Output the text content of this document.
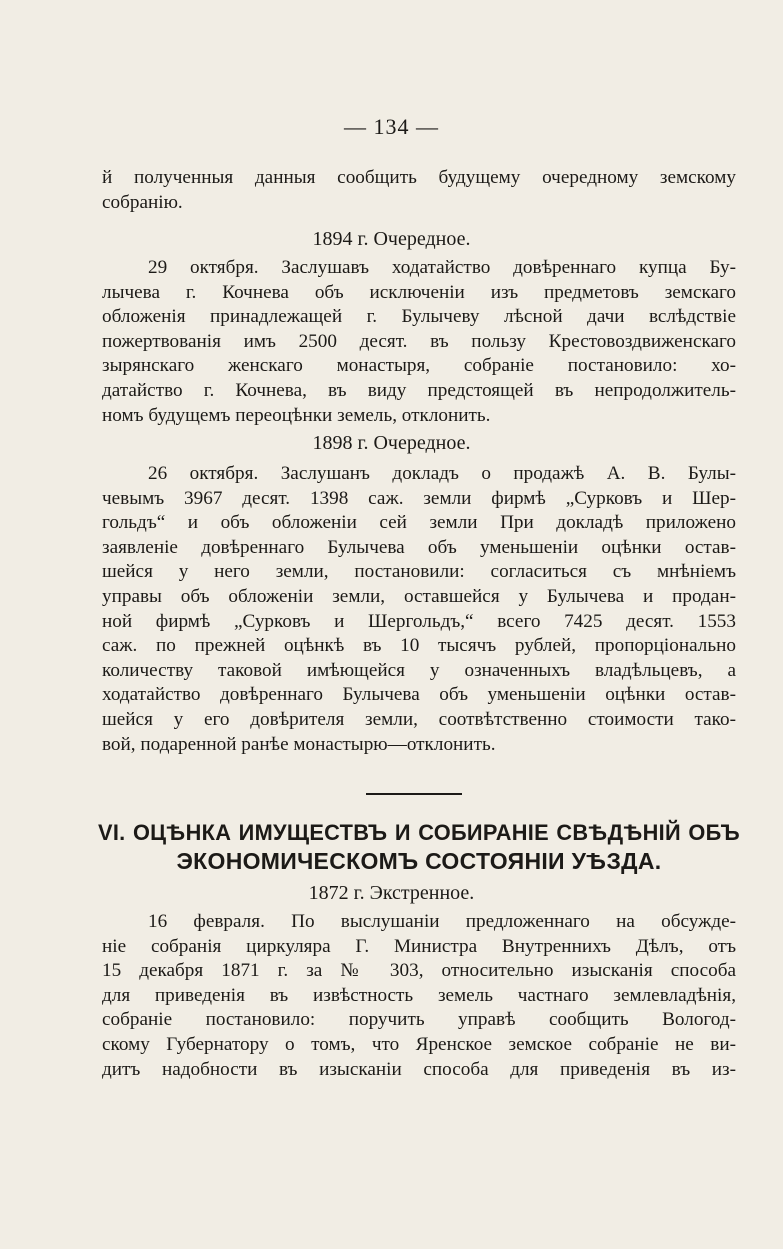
— 134 —
й полученныя данныя сообщить будущему очередному земскому
собранію.
1894 г. Очередное.
29 октября. Заслушавъ ходатайство довѣреннаго купца Бу-
лычева г. Кочнева объ исключеніи изъ предметовъ земскаго
обложенія принадлежащей г. Булычеву лѣсной дачи вслѣдствіе
пожертвованія имъ 2500 десят. въ пользу Крестовоздвиженскаго
зырянскаго женскаго монастыря, собраніе постановило: хо-
датайство г. Кочнева, въ виду предстоящей въ непродолжитель-
номъ будущемъ переоцѣнки земель, отклонить.
1898 г. Очередное.
26 октября. Заслушанъ докладъ о продажѣ А. В. Булы-
чевымъ 3967 десят. 1398 саж. земли фирмѣ „Сурковъ и Шер-
гольдъ“ и объ обложеніи сей земли При докладѣ приложено
заявленіе довѣреннаго Булычева объ уменьшеніи оцѣнки остав-
шейся у него земли, постановили: согласиться съ мнѣніемъ
управы объ обложеніи земли, оставшейся у Булычева и продан-
ной фирмѣ „Сурковъ и Шергольдъ,“ всего 7425 десят. 1553
саж. по прежней оцѣнкѣ въ 10 тысячъ рублей, пропорціонально
количеству таковой имѣющейся у означенныхъ владѣльцевъ, а
ходатайство довѣреннаго Булычева объ уменьшеніи оцѣнки остав-
шейся у его довѣрителя земли, соотвѣтственно стоимости тако-
вой, подаренной ранѣе монастырю—отклонить.
VI. ОЦѢНКА ИМУЩЕСТВЪ И СОБИРАНІЕ СВѢДѢНІЙ ОБЪ
ЭКОНОМИЧЕСКОМЪ СОСТОЯНІИ УѢЗДА.
1872 г. Экстренное.
16 февраля. По выслушаніи предложеннаго на обсужде-
ніе собранія циркуляра Г. Министра Внутреннихъ Дѣлъ, отъ
15 декабря 1871 г. за № 303, относительно изысканія способа
для приведенія въ извѣстность земель частнаго землевладѣнія,
собраніе постановило: поручить управѣ сообщить Вологод-
скому Губернатору о томъ, что Яренское земское собраніе не ви-
дитъ надобности въ изысканіи способа для приведенія въ из-
